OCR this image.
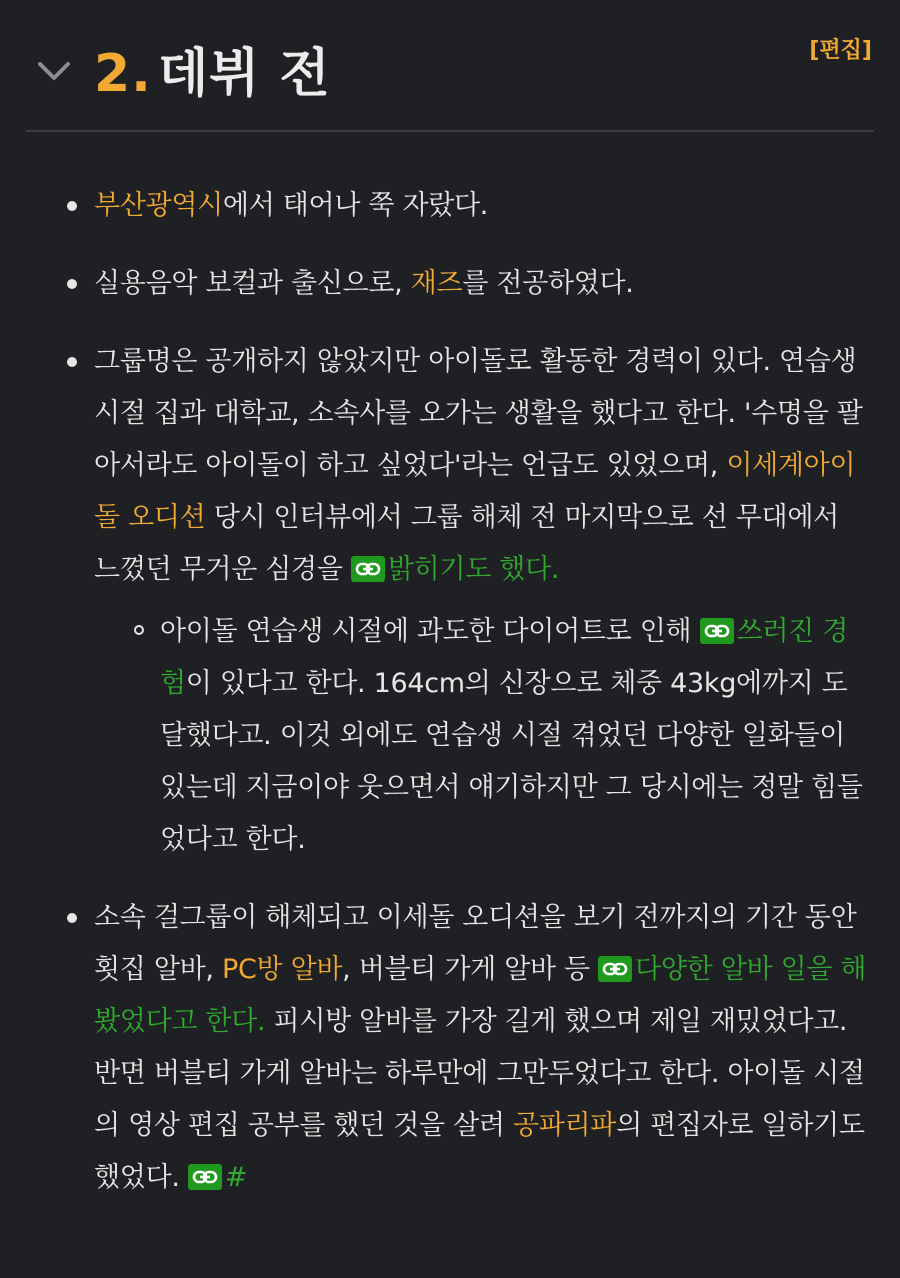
2. 데뷔 전	[편집]
부산광역시에서 태어나 쭉 자랐다.
실용음악 보컬과 출신으로, 재즈를 전공하였다.
그룹명은 공개하지 않았지만 아이돌로 활동한 경력이 있다. 연습생 시절 집과 대학교, 소속사를 오가는 생활을 했다고 한다. '수명을 팔아서라도 아이돌이 하고 싶었다'라는 언급도 있었으며, 이세계아이돌 오디션 당시 인터뷰에서 그룹 해체 전 마지막으로 선 무대에서 느꼈던 무거운 심경을
밝히기도 했다.
아이돌 연습생 시절에 과도한 다이어트로 인해
쓰러진 경험이 있다고 한다. 164cm의 신장으로 체중 43kg에까지 도달했다고. 이것 외에도 연습생 시절 겪었던 다양한 일화들이 있는데 지금이야 웃으면서 얘기하지만 그 당시에는 정말 힘들었다고 한다.
소속 걸그룹이 해체되고 이세돌 오디션을 보기 전까지의 기간 동안 횟집 알바, PC방 알바, 버블티 가게 알바 등
다양한 알바 일을 해봤었다고 한다. 피시방 알바를 가장 길게 했으며 제일 재밌었다고. 반면 버블티 가게 알바는 하루만에 그만두었다고 한다. 아이돌 시절의 영상 편집 공부를 했던 것을 살려 공파리파의 편집자로 일하기도 했었다.
#
